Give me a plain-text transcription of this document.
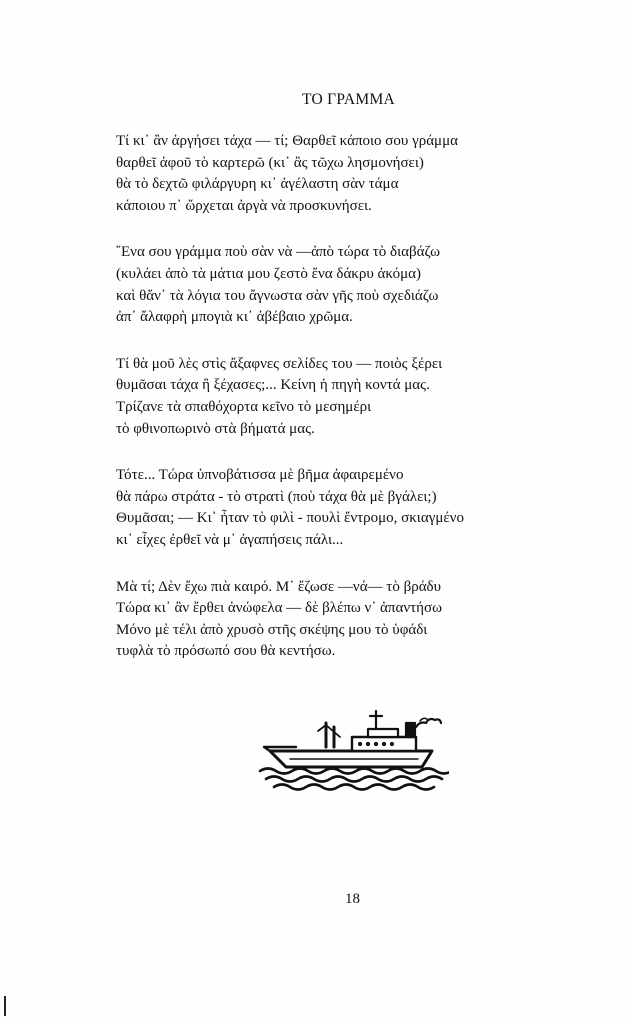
ΤΟ ΓΡΑΜΜΑ
Τί κι᾽ ἂν ἀργήσει τάχα — τί; Θαρθεῖ κάποιο σου γράμμα
θαρθεῖ ἀφοῦ τὸ καρτερῶ (κι᾽ ἂς τῶχω λησμονήσει)
θὰ τὸ δεχτῶ φιλάργυρη κι᾽ ἀγέλαστη σὰν τάμα
κάποιου π᾽ ὤρχεται ἀργὰ νὰ προσκυνήσει.
῞Ενα σου γράμμα ποὺ σὰν νὰ —ἀπὸ τώρα τὸ διαβάζω
(κυλάει ἀπὸ τὰ μάτια μου ζεστὸ ἕνα δάκρυ ἀκόμα)
καὶ θἄν᾽ τὰ λόγια του ἄγνωστα σὰν γῆς ποὺ σχεδιάζω
ἀπ᾽ ἄλαφρὴ μπογιὰ κι᾽ ἀβέβαιο χρῶμα.
Τί θὰ μοῦ λὲς στὶς ἄξαφνες σελίδες του — ποιὸς ξέρει
θυμᾶσαι τάχα ἢ ξέχασες;... Κείνη ἡ πηγὴ κοντά μας.
Τρίζανε τὰ σπαθόχορτα κεῖνο τὸ μεσημέρι
τὸ φθινοπωρινὸ στὰ βήματά μας.
Τότε... Τώρα ὑπνοβάτισσα μὲ βῆμα ἀφαιρεμένο
θὰ πάρω στράτα - τὸ στρατὶ (ποὺ τάχα θὰ μὲ βγάλει;)
Θυμᾶσαι; — Κι᾽ ἦταν τὸ φιλὶ - πουλὶ ἔντρομο, σκιαγμένο
κι᾽ εἶχες ἐρθεῖ νὰ μ᾽ ἀγαπήσεις πάλι...
Μὰ τί; Δὲν ἔχω πιὰ καιρό. Μ᾽ ἔζωσε —νά— τὸ βράδυ
Τώρα κι᾽ ἂν ἔρθει ἀνώφελα — δὲ βλέπω ν᾽ ἀπαντήσω
Μόνο μὲ τέλι ἀπὸ χρυσὸ στῆς σκέψης μου τὸ ὑφάδι
τυφλὰ τὸ πρόσωπό σου θὰ κεντήσω.
18
